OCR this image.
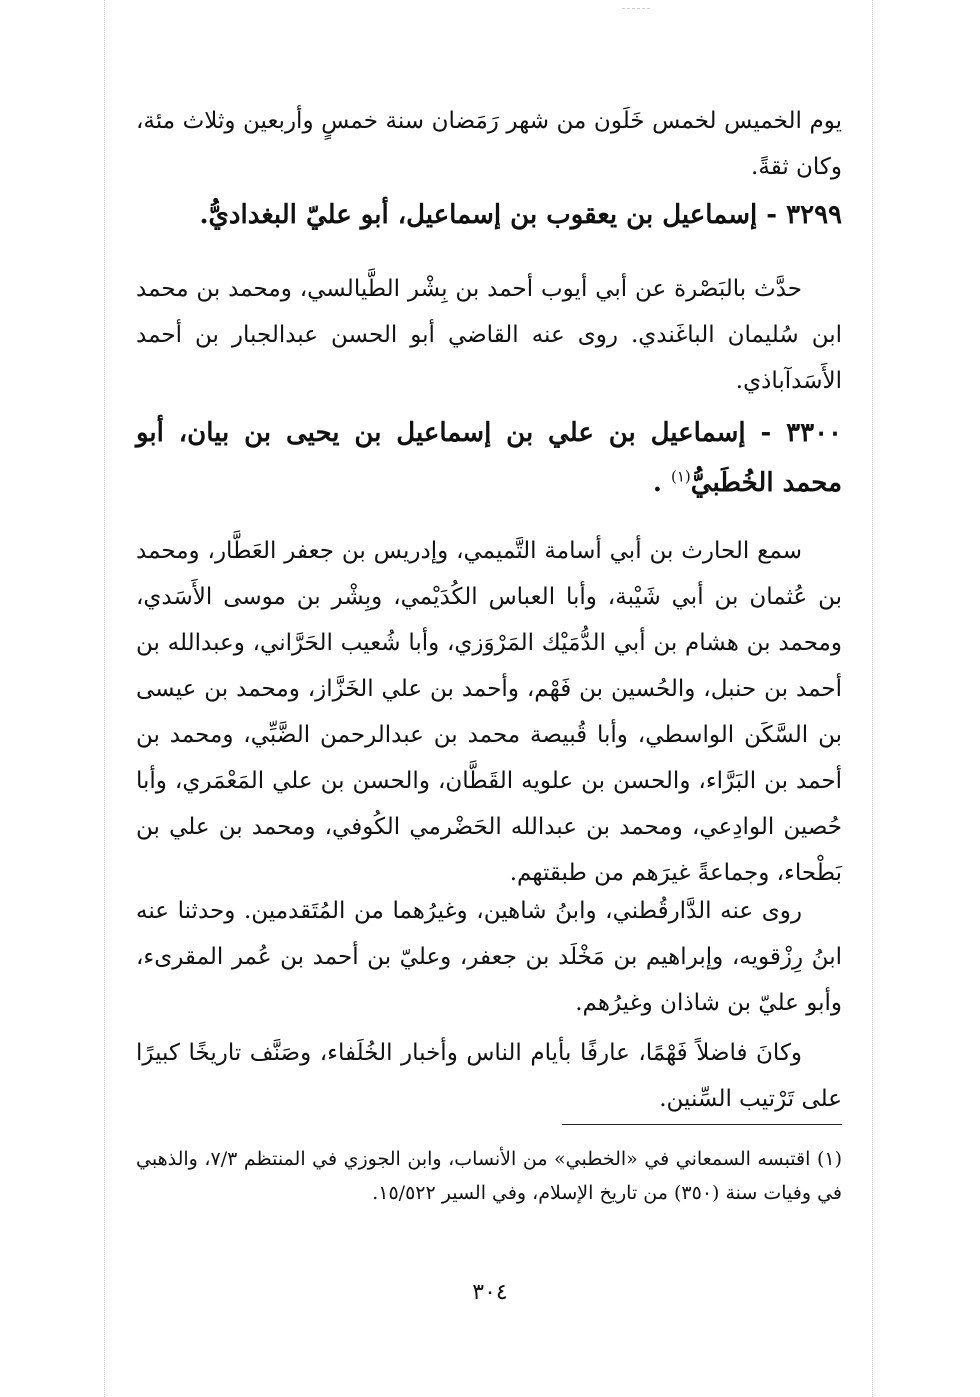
يوم الخميس لخمس خَلَون من شهر رَمَضان سنة خمسٍ وأربعين وثلاث مئة، وكان ثقةً.

٣٢٩٩ - إسماعيل بن يعقوب بن إسماعيل، أبو عليّ البغداديُّ.

حدَّث بالبَصْرة عن أبي أيوب أحمد بن بِشْر الطَّيالسي، ومحمد بن محمد ابن سُليمان الباغَندي. روى عنه القاضي أبو الحسن عبدالجبار بن أحمد الأَسَدآباذي.

٣٣٠٠ - إسماعيل بن علي بن إسماعيل بن يحيى بن بيان، أبو محمد الخُطَبيُّ$^{(١)}$ .

سمع الحارث بن أبي أسامة التَّميمي، وإدريس بن جعفر العَطَّار، ومحمد بن عُثمان بن أبي شَيْبة، وأبا العباس الكُدَيْمي، وبِشْر بن موسى الأَسَدي، ومحمد بن هشام بن أبي الدُّمَيْك المَرْوَزي، وأبا شُعيب الحَرَّاني، وعبدالله بن أحمد بن حنبل، والحُسين بن فَهْم، وأحمد بن علي الخَزَّاز، ومحمد بن عيسى بن السَّكَن الواسطي، وأبا قُبيصة محمد بن عبدالرحمن الضَّبِّي، ومحمد بن أحمد بن البَرَّاء، والحسن بن علويه القَطَّان، والحسن بن علي المَعْمَري، وأبا حُصين الوادِعي، ومحمد بن عبدالله الحَضْرمي الكُوفي، ومحمد بن علي بن بَطْحاء، وجماعةً غيرَهم من طبقتهم.

روى عنه الدَّارقُطني، وابنُ شاهين، وغيرُهما من المُتَقدمين. وحدثنا عنه ابنُ رِزْقويه، وإبراهيم بن مَخْلَد بن جعفر، وعليّ بن أحمد بن عُمر المقرىء، وأبو عليّ بن شاذان وغيرُهم.

وكانَ فاضلاً فَهْمًا، عارفًا بأيام الناس وأخبار الخُلَفاء، وصَنَّف تاريخًا كبيرًا على تَرْتيب السِّنين.

(١) اقتبسه السمعاني في «الخطبي» من الأنساب، وابن الجوزي في المنتظم ٧/٣، والذهبي في وفيات سنة (٣٥٠) من تاريخ الإسلام، وفي السير ١٥/٥٢٢.

٣٠٤
